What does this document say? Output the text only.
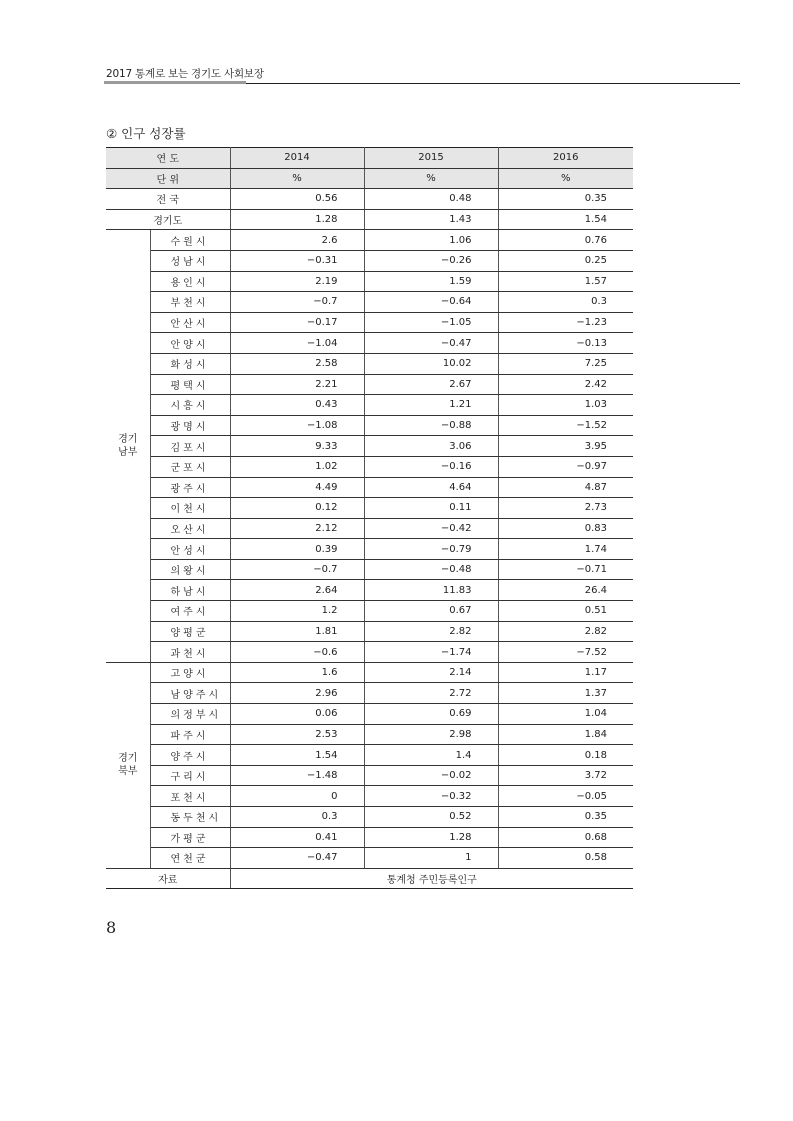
2017 통계로 보는 경기도 사회보장
② 인구 성장률
연 도		2014	2015	2016
단 위		%	%	%
전 국		0.56	0.48	0.35
경기도		1.28	1.43	1.54
경기
남부	수원시	2.6	1.06	0.76
	성남시	−0.31	−0.26	0.25
	용인시	2.19	1.59	1.57
	부천시	−0.7	−0.64	0.3
	안산시	−0.17	−1.05	−1.23
	안양시	−1.04	−0.47	−0.13
	화성시	2.58	10.02	7.25
	평택시	2.21	2.67	2.42
	시흥시	0.43	1.21	1.03
	광명시	−1.08	−0.88	−1.52
	김포시	9.33	3.06	3.95
	군포시	1.02	−0.16	−0.97
	광주시	4.49	4.64	4.87
	이천시	0.12	0.11	2.73
	오산시	2.12	−0.42	0.83
	안성시	0.39	−0.79	1.74
	의왕시	−0.7	−0.48	−0.71
	하남시	2.64	11.83	26.4
	여주시	1.2	0.67	0.51
	양평군	1.81	2.82	2.82
	과천시	−0.6	−1.74	−7.52
경기
북부	고양시	1.6	2.14	1.17
	남양주시	2.96	2.72	1.37
	의정부시	0.06	0.69	1.04
	파주시	2.53	2.98	1.84
	양주시	1.54	1.4	0.18
	구리시	−1.48	−0.02	3.72
	포천시	0	−0.32	−0.05
	동두천시	0.3	0.52	0.35
	가평군	0.41	1.28	0.68
	연천군	−0.47	1	0.58
자료		통계청 주민등록인구		
8
